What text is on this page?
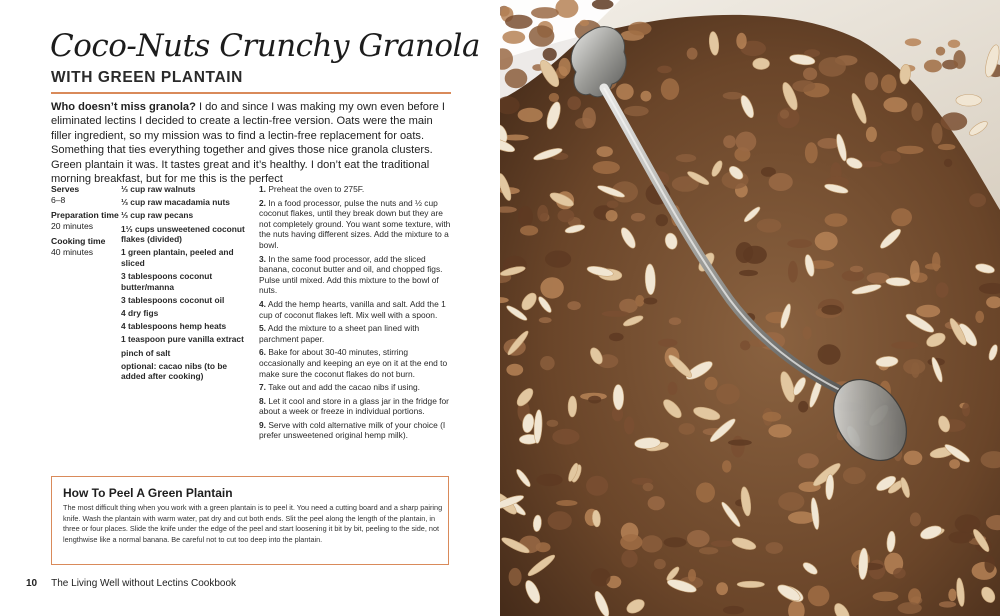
Coco-Nuts Crunchy Granola
WITH GREEN PLANTAIN
Who doesn’t miss granola? I do and since I was making my own even before I eliminated lectins I decided to create a lectin-free version. Oats were the main filler ingredient, so my mission was to find a lectin-free replacement for oats. Something that ties everything together and gives those nice granola clusters. Green plantain it was. It tastes great and it’s healthy. I don’t eat the traditional morning breakfast, but for me this is the perfect
Serves
6–8
Preparation time
20 minutes
Cooking time
40 minutes
⅓ cup raw walnuts
⅓ cup raw macadamia nuts
⅓ cup raw pecans
1⅓ cups unsweetened coconut flakes (divided)
1 green plantain, peeled and sliced
3 tablespoons coconut butter/manna
3 tablespoons coconut oil
4 dry figs
4 tablespoons hemp heats
1 teaspoon pure vanilla extract
pinch of salt
optional: cacao nibs (to be added after cooking)
1. Preheat the oven to 275F.
2. In a food processor, pulse the nuts and ½ cup coconut flakes, until they break down but they are not completely ground. You want some texture, with the nuts having different sizes. Add the mixture to a bowl.
3. In the same food processor, add the sliced banana, coconut butter and oil, and chopped figs. Pulse until mixed. Add this mixture to the bowl of nuts.
4. Add the hemp hearts, vanilla and salt. Add the 1 cup of coconut flakes left. Mix well with a spoon.
5. Add the mixture to a sheet pan lined with parchment paper.
6. Bake for about 30-40 minutes, stirring occasionally and keeping an eye on it at the end to make sure the coconut flakes do not burn.
7. Take out and add the cacao nibs if using.
8. Let it cool and store in a glass jar in the fridge for about a week or freeze in individual portions.
9. Serve with cold alternative milk of your choice (I prefer unsweetened original hemp milk).
How To Peel A Green Plantain
The most difficult thing when you work with a green plantain is to peel it. You need a cutting board and a sharp pairing knife. Wash the plantain with warm water, pat dry and cut both ends. Slit the peel along the length of the plantain, in three or four places. Slide the knife under the edge of the peel and start loosening it bit by bit, peeling to the side, not lengthwise like a normal banana. Be careful not to cut too deep into the plantain.
10 The Living Well without Lectins Cookbook
